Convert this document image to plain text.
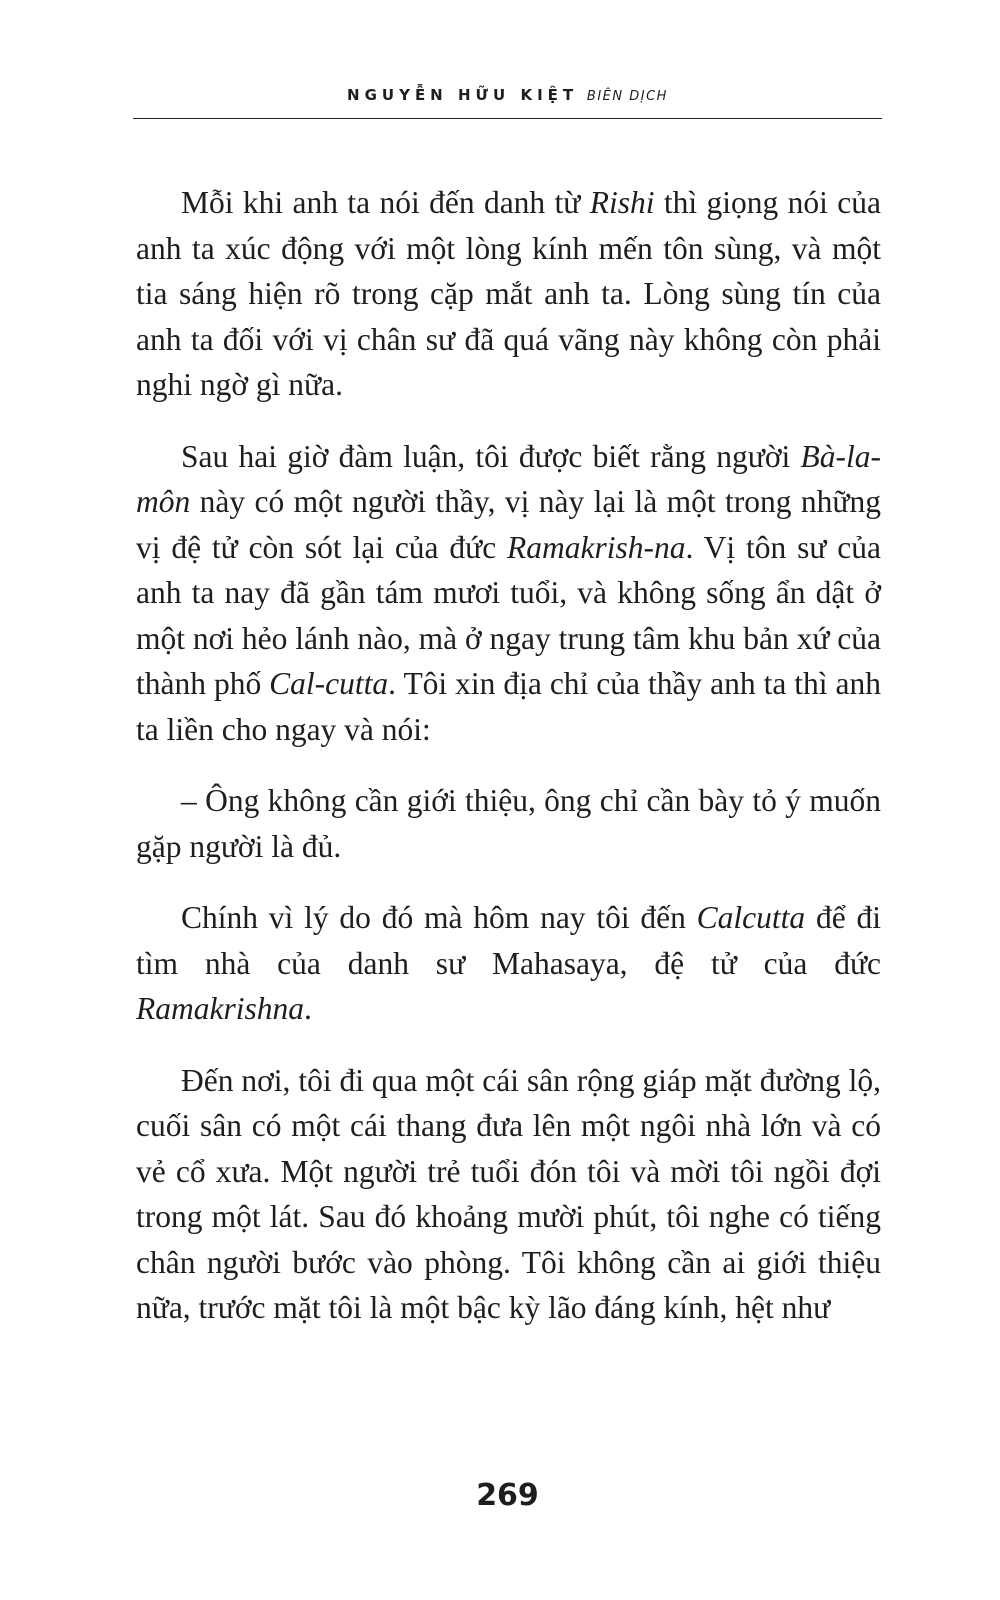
NGUYỄN HỮU KIỆT BIÊN DỊCH

Mỗi khi anh ta nói đến danh từ Rishi thì giọng nói của anh ta xúc động với một lòng kính mến tôn sùng, và một tia sáng hiện rõ trong cặp mắt anh ta. Lòng sùng tín của anh ta đối với vị chân sư đã quá vãng này không còn phải nghi ngờ gì nữa.

Sau hai giờ đàm luận, tôi được biết rằng người Bà-la-môn này có một người thầy, vị này lại là một trong những vị đệ tử còn sót lại của đức Ramakrish-na. Vị tôn sư của anh ta nay đã gần tám mươi tuổi, và không sống ẩn dật ở một nơi hẻo lánh nào, mà ở ngay trung tâm khu bản xứ của thành phố Cal-cutta. Tôi xin địa chỉ của thầy anh ta thì anh ta liền cho ngay và nói:

– Ông không cần giới thiệu, ông chỉ cần bày tỏ ý muốn gặp người là đủ.

Chính vì lý do đó mà hôm nay tôi đến Calcutta để đi tìm nhà của danh sư Mahasaya, đệ tử của đức Ramakrishna.

Đến nơi, tôi đi qua một cái sân rộng giáp mặt đường lộ, cuối sân có một cái thang đưa lên một ngôi nhà lớn và có vẻ cổ xưa. Một người trẻ tuổi đón tôi và mời tôi ngồi đợi trong một lát. Sau đó khoảng mười phút, tôi nghe có tiếng chân người bước vào phòng. Tôi không cần ai giới thiệu nữa, trước mặt tôi là một bậc kỳ lão đáng kính, hệt như

269
